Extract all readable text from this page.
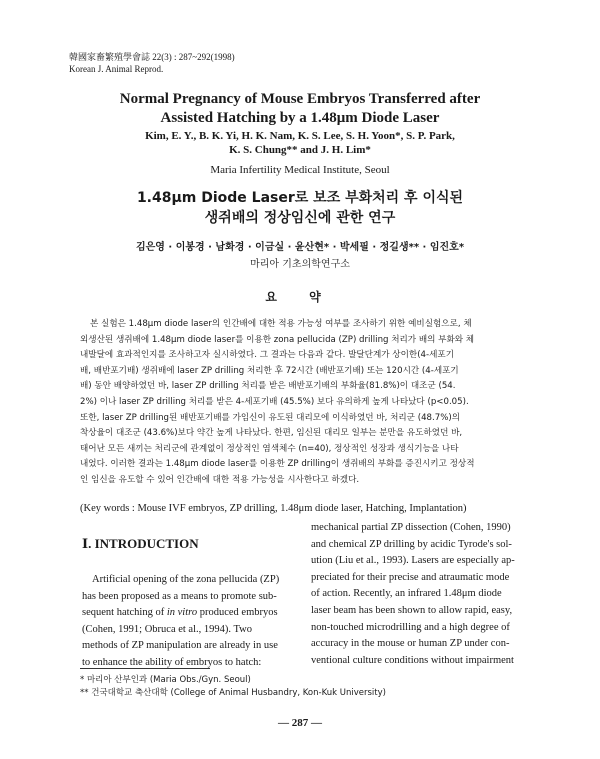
韓國家畜繁殖學會誌 22(3) : 287~292(1998)
Korean J. Animal Reprod.
Normal Pregnancy of Mouse Embryos Transferred after
Assisted Hatching by a 1.48μm Diode Laser
Kim, E. Y., B. K. Yi, H. K. Nam, K. S. Lee, S. H. Yoon*, S. P. Park,
K. S. Chung** and J. H. Lim*
Maria Infertility Medical Institute, Seoul
1.48μm Diode Laser로 보조 부화처리 후 이식된
생쥐배의 정상임신에 관한 연구
김은영 · 이봉경 · 남화경 · 이금실 · 윤산현* · 박세필 · 정길생** · 임진호*
마리아 기초의학연구소
요 약

본 실험은 1.48μm diode laser의 인간배에 대한 적용 가능성 여부를 조사하기 위한 예비실험으로, 체

외생산된 생쥐배에 1.48μm diode laser를 이용한 zona pellucida (ZP) drilling 처리가 배의 부화와 체

내발달에 효과적인지를 조사하고자 실시하였다. 그 결과는 다음과 같다. 발달단계가 상이한(4-세포기

배, 배반포기배) 생쥐배에 laser ZP drilling 처리한 후 72시간 (배반포기배) 또는 120시간 (4-세포기

배) 동안 배양하였던 바, laser ZP drilling 처리를 받은 배반포기배의 부화율(81.8%)이 대조군 (54.

2%) 이나 laser ZP drilling 처리를 받은 4-세포기배 (45.5%) 보다 유의하게 높게 나타났다 (p<0.05).

또한, laser ZP drilling된 배반포기배를 가임신이 유도된 대리모에 이식하였던 바, 처리군 (48.7%)의

착상율이 대조군 (43.6%)보다 약간 높게 나타났다. 한편, 임신된 대리모 일부는 분만을 유도하였던 바,

태어난 모든 새끼는 처리군에 관계없이 정상적인 염색체수 (n=40), 정상적인 성장과 생식기능을 나타

내었다. 이러한 결과는 1.48μm diode laser를 이용한 ZP drilling이 생쥐배의 부화를 증진시키고 정상적

인 임신을 유도할 수 있어 인간배에 대한 적용 가능성을 시사한다고 하겠다.

(Key words : Mouse IVF embryos, ZP drilling, 1.48μm diode laser, Hatching, Implantation)
Ⅰ. INTRODUCTION
Artificial opening of the zona pellucida (ZP)
has been proposed as a means to promote sub-
sequent hatching of in vitro produced embryos
(Cohen, 1991; Obruca et al., 1994). Two
methods of ZP manipulation are already in use
to enhance the ability of embryos to hatch:
mechanical partial ZP dissection (Cohen, 1990)
and chemical ZP drilling by acidic Tyrode's sol-
ution (Liu et al., 1993). Lasers are especially ap-
preciated for their precise and atraumatic mode
of action. Recently, an infrared 1.48μm diode
laser beam has been shown to allow rapid, easy,
non-touched microdrilling and a high degree of
accuracy in the mouse or human ZP under con-
ventional culture conditions without impairment
* 마리아 산부인과 (Maria Obs./Gyn. Seoul)
** 건국대학교 축산대학 (College of Animal Husbandry, Kon-Kuk University)
— 287 —
